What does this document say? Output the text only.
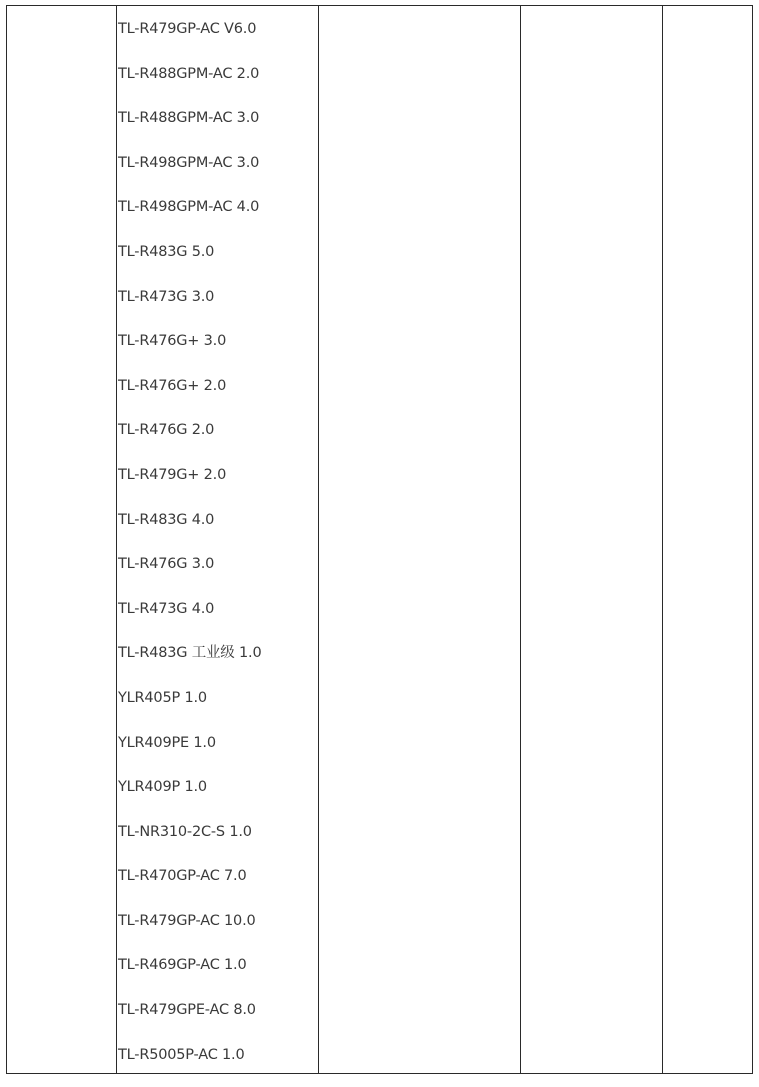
TL-R479GP-AC V6.0
TL-R488GPM-AC 2.0
TL-R488GPM-AC 3.0
TL-R498GPM-AC 3.0
TL-R498GPM-AC 4.0
TL-R483G 5.0
TL-R473G 3.0
TL-R476G+ 3.0
TL-R476G+ 2.0
TL-R476G 2.0
TL-R479G+ 2.0
TL-R483G 4.0
TL-R476G 3.0
TL-R473G 4.0
TL-R483G 工业级 1.0
YLR405P 1.0
YLR409PE 1.0
YLR409P 1.0
TL-NR310-2C-S 1.0
TL-R470GP-AC 7.0
TL-R479GP-AC 10.0
TL-R469GP-AC 1.0
TL-R479GPE-AC 8.0
TL-R5005P-AC 1.0
